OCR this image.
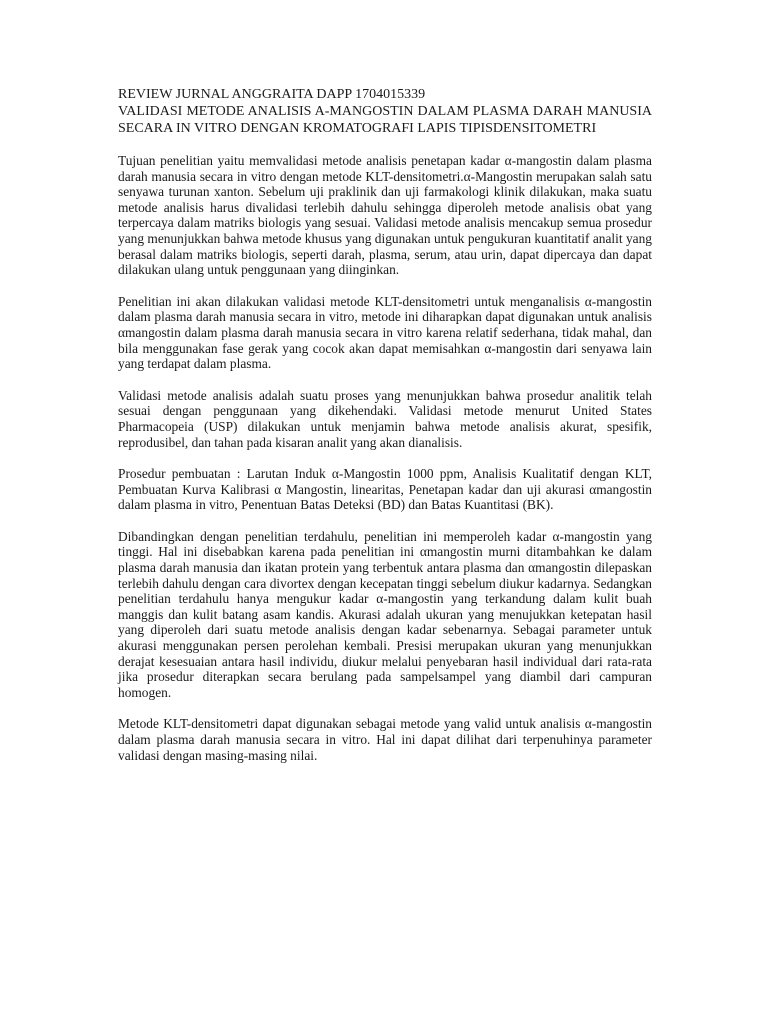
REVIEW JURNAL ANGGRAITA DAPP 1704015339

VALIDASI METODE ANALISIS A-MANGOSTIN DALAM PLASMA DARAH MANUSIA SECARA IN VITRO DENGAN KROMATOGRAFI LAPIS TIPISDENSITOMETRI

Tujuan penelitian yaitu memvalidasi metode analisis penetapan kadar α-mangostin dalam plasma darah manusia secara in vitro dengan metode KLT-densitometri.α-Mangostin merupakan salah satu senyawa turunan xanton. Sebelum uji praklinik dan uji farmakologi klinik dilakukan, maka suatu metode analisis harus divalidasi terlebih dahulu sehingga diperoleh metode analisis obat yang terpercaya dalam matriks biologis yang sesuai. Validasi metode analisis mencakup semua prosedur yang menunjukkan bahwa metode khusus yang digunakan untuk pengukuran kuantitatif analit yang berasal dalam matriks biologis, seperti darah, plasma, serum, atau urin, dapat dipercaya dan dapat dilakukan ulang untuk penggunaan yang diinginkan.

Penelitian ini akan dilakukan validasi metode KLT-densitometri untuk menganalisis α-mangostin dalam plasma darah manusia secara in vitro, metode ini diharapkan dapat digunakan untuk analisis αmangostin dalam plasma darah manusia secara in vitro karena relatif sederhana, tidak mahal, dan bila menggunakan fase gerak yang cocok akan dapat memisahkan α-mangostin dari senyawa lain yang terdapat dalam plasma.

Validasi metode analisis adalah suatu proses yang menunjukkan bahwa prosedur analitik telah sesuai dengan penggunaan yang dikehendaki. Validasi metode menurut United States Pharmacopeia (USP) dilakukan untuk menjamin bahwa metode analisis akurat, spesifik, reprodusibel, dan tahan pada kisaran analit yang akan dianalisis.

Prosedur pembuatan : Larutan Induk α-Mangostin 1000 ppm, Analisis Kualitatif dengan KLT, Pembuatan Kurva Kalibrasi α Mangostin, linearitas, Penetapan kadar dan uji akurasi αmangostin dalam plasma in vitro, Penentuan Batas Deteksi (BD) dan Batas Kuantitasi (BK).

Dibandingkan dengan penelitian terdahulu, penelitian ini memperoleh kadar α-mangostin yang tinggi. Hal ini disebabkan karena pada penelitian ini αmangostin murni ditambahkan ke dalam plasma darah manusia dan ikatan protein yang terbentuk antara plasma dan αmangostin dilepaskan terlebih dahulu dengan cara divortex dengan kecepatan tinggi sebelum diukur kadarnya. Sedangkan penelitian terdahulu hanya mengukur kadar α-mangostin yang terkandung dalam kulit buah manggis dan kulit batang asam kandis. Akurasi adalah ukuran yang menujukkan ketepatan hasil yang diperoleh dari suatu metode analisis dengan kadar sebenarnya. Sebagai parameter untuk akurasi menggunakan persen perolehan kembali. Presisi merupakan ukuran yang menunjukkan derajat kesesuaian antara hasil individu, diukur melalui penyebaran hasil individual dari rata-rata jika prosedur diterapkan secara berulang pada sampelsampel yang diambil dari campuran homogen.

Metode KLT-densitometri dapat digunakan sebagai metode yang valid untuk analisis α-mangostin dalam plasma darah manusia secara in vitro. Hal ini dapat dilihat dari terpenuhinya parameter validasi dengan masing-masing nilai.
